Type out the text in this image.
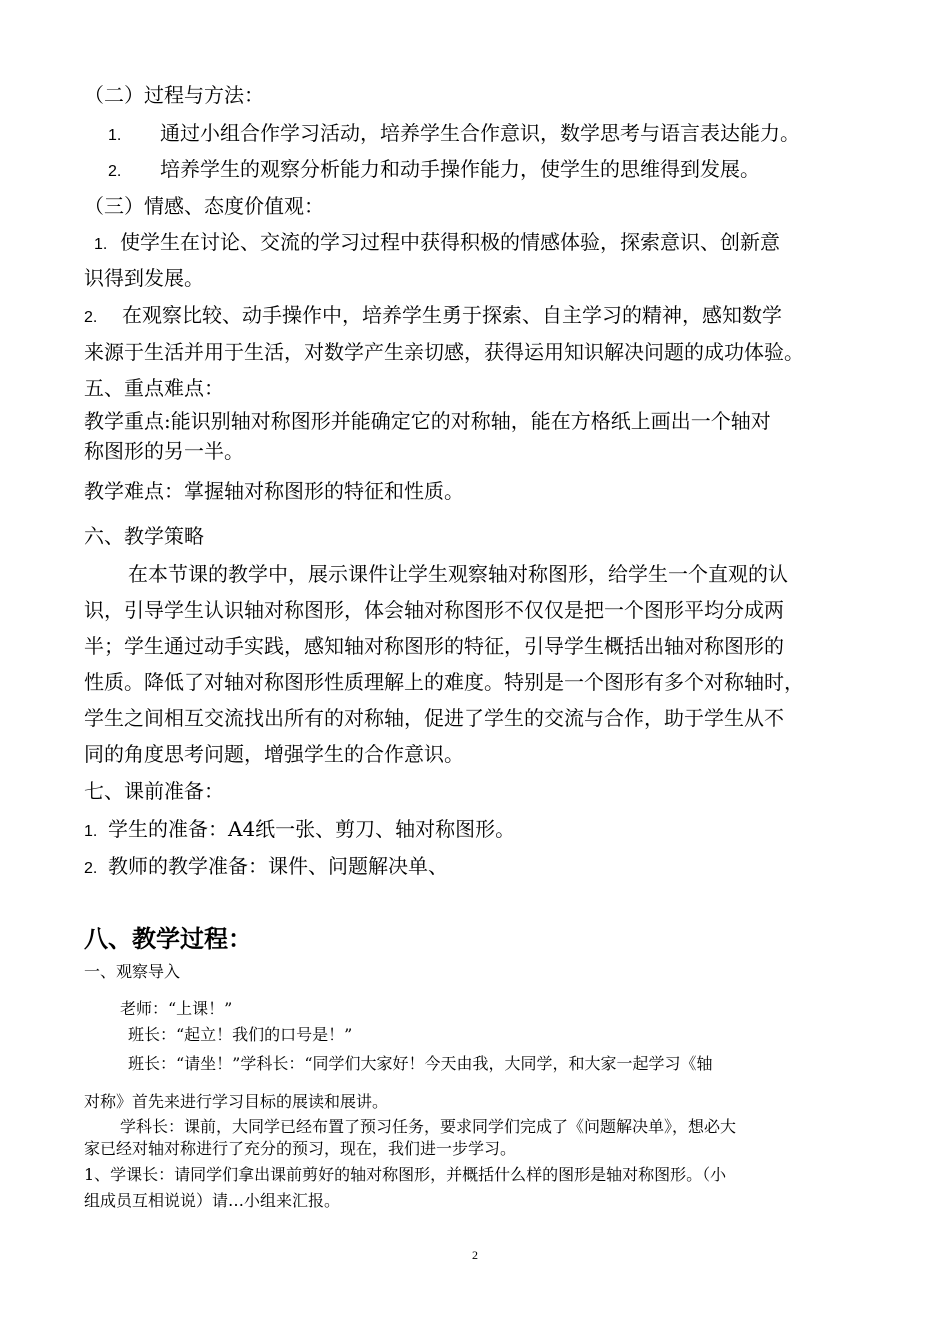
（二）过程与方法：
1. 通过小组合作学习活动，培养学生合作意识，数学思考与语言表达能力。
2. 培养学生的观察分析能力和动手操作能力，使学生的思维得到发展。
（三）情感、态度价值观：
1. 使学生在讨论、交流的学习过程中获得积极的情感体验，探索意识、创新意
识得到发展。
2. 在观察比较、动手操作中，培养学生勇于探索、自主学习的精神，感知数学
来源于生活并用于生活，对数学产生亲切感，获得运用知识解决问题的成功体验。
五、重点难点：
教学重点:能识别轴对称图形并能确定它的对称轴，能在方格纸上画出一个轴对
称图形的另一半。
教学难点：掌握轴对称图形的特征和性质。
六、教学策略
在本节课的教学中，展示课件让学生观察轴对称图形，给学生一个直观的认
识，引导学生认识轴对称图形，体会轴对称图形不仅仅是把一个图形平均分成两
半；学生通过动手实践，感知轴对称图形的特征，引导学生概括出轴对称图形的
性质。降低了对轴对称图形性质理解上的难度。特别是一个图形有多个对称轴时，
学生之间相互交流找出所有的对称轴，促进了学生的交流与合作，助于学生从不
同的角度思考问题，增强学生的合作意识。
七、课前准备：
1. 学生的准备：A4纸一张、剪刀、轴对称图形。
2. 教师的教学准备：课件、问题解决单、
八、教学过程：
一、观察导入
老师：“上课！”
班长：“起立！我们的口号是！”
班长：“请坐！”学科长：“同学们大家好！今天由我，大同学，和大家一起学习《轴
对称》首先来进行学习目标的展读和展讲。
学科长：课前，大同学已经布置了预习任务，要求同学们完成了《问题解决单》，想必大
家已经对轴对称进行了充分的预习，现在，我们进一步学习。
1、学课长：请同学们拿出课前剪好的轴对称图形，并概括什么样的图形是轴对称图形。（小
组成员互相说说）请…小组来汇报。
2
